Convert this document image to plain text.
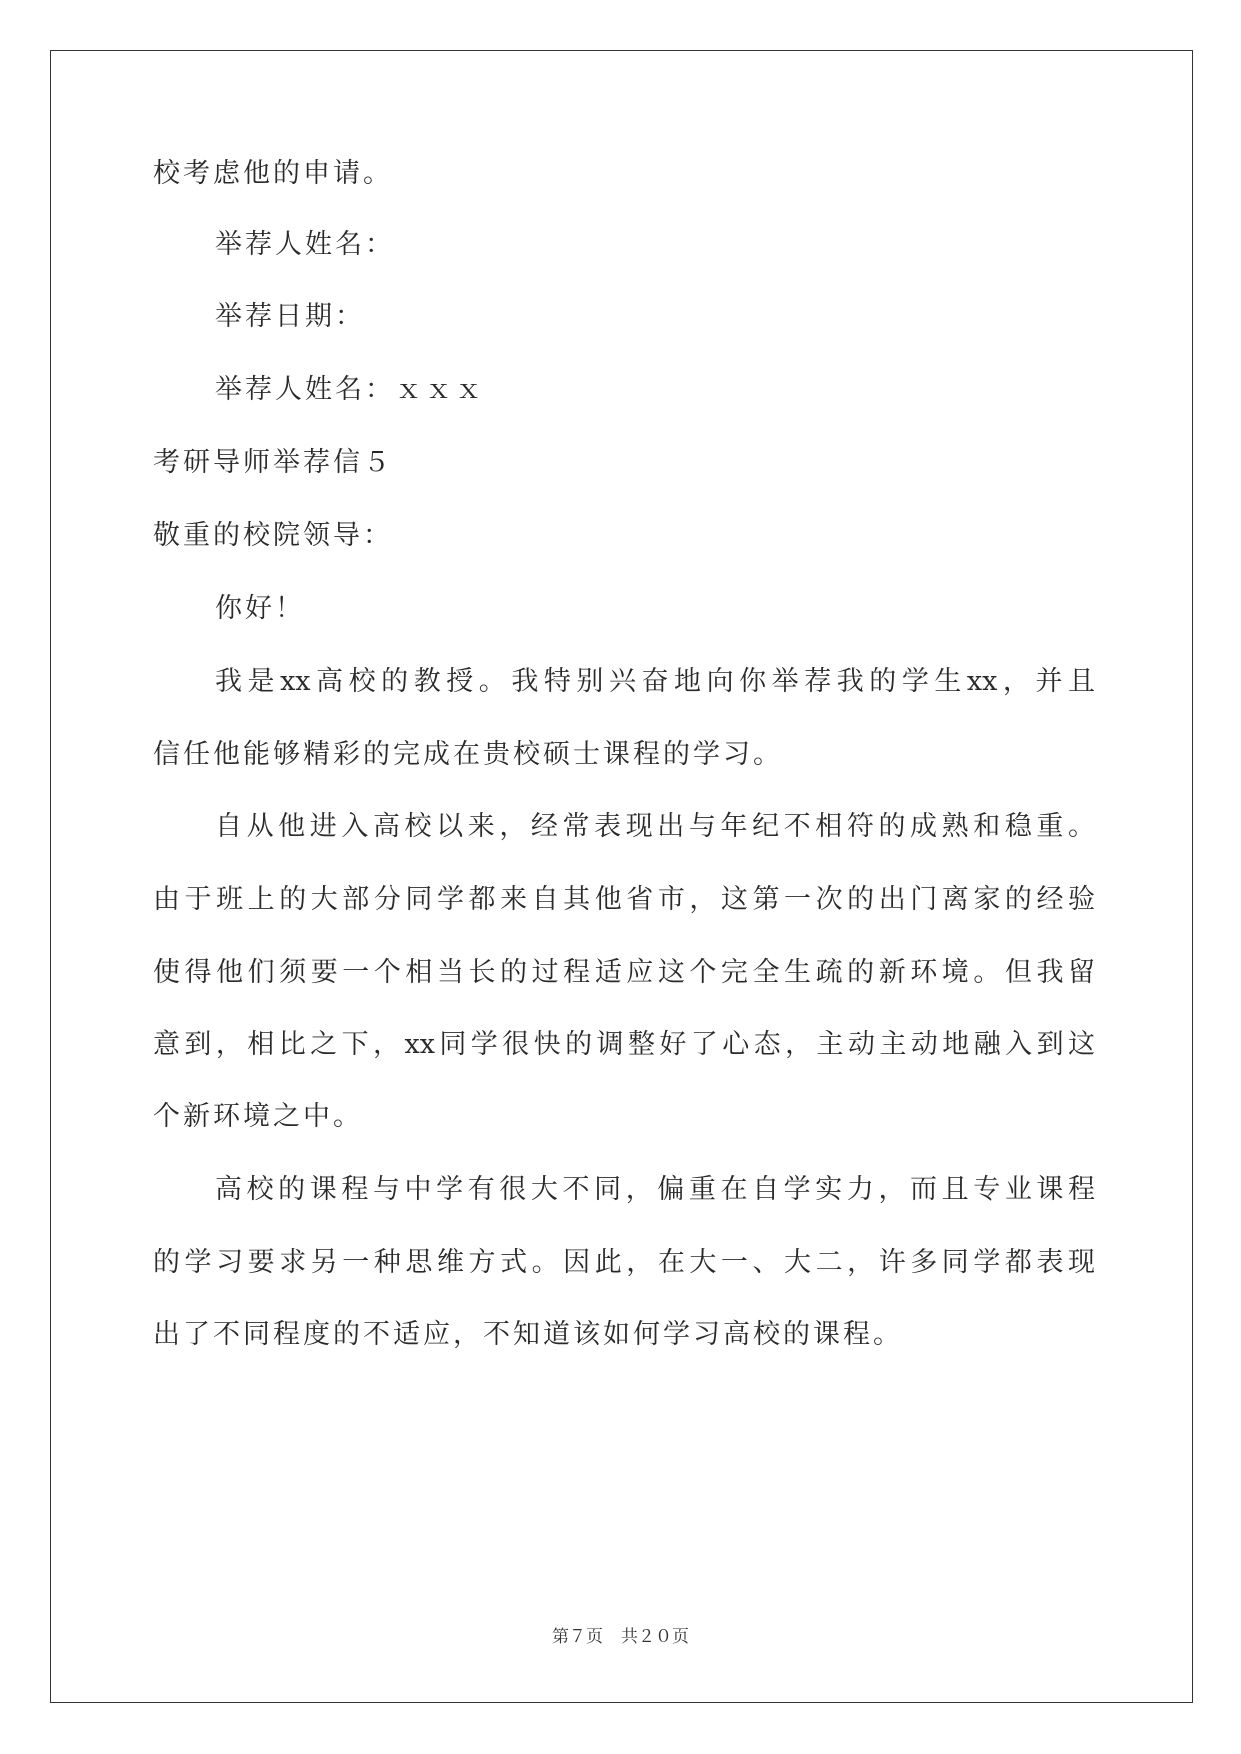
校考虑他的申请。
举荐人姓名：
举荐日期：
举荐人姓名：ｘｘｘ
考研导师举荐信５
敬重的校院领导：
你好！
我是xx高校的教授。我特别兴奋地向你举荐我的学生xx，并且
信任他能够精彩的完成在贵校硕士课程的学习。
自从他进入高校以来，经常表现出与年纪不相符的成熟和稳重。
由于班上的大部分同学都来自其他省市，这第一次的出门离家的经验
使得他们须要一个相当长的过程适应这个完全生疏的新环境。但我留
意到，相比之下，xx同学很快的调整好了心态，主动主动地融入到这
个新环境之中。
高校的课程与中学有很大不同，偏重在自学实力，而且专业课程
的学习要求另一种思维方式。因此，在大一、大二，许多同学都表现
出了不同程度的不适应，不知道该如何学习高校的课程。
第７页 共２０页
